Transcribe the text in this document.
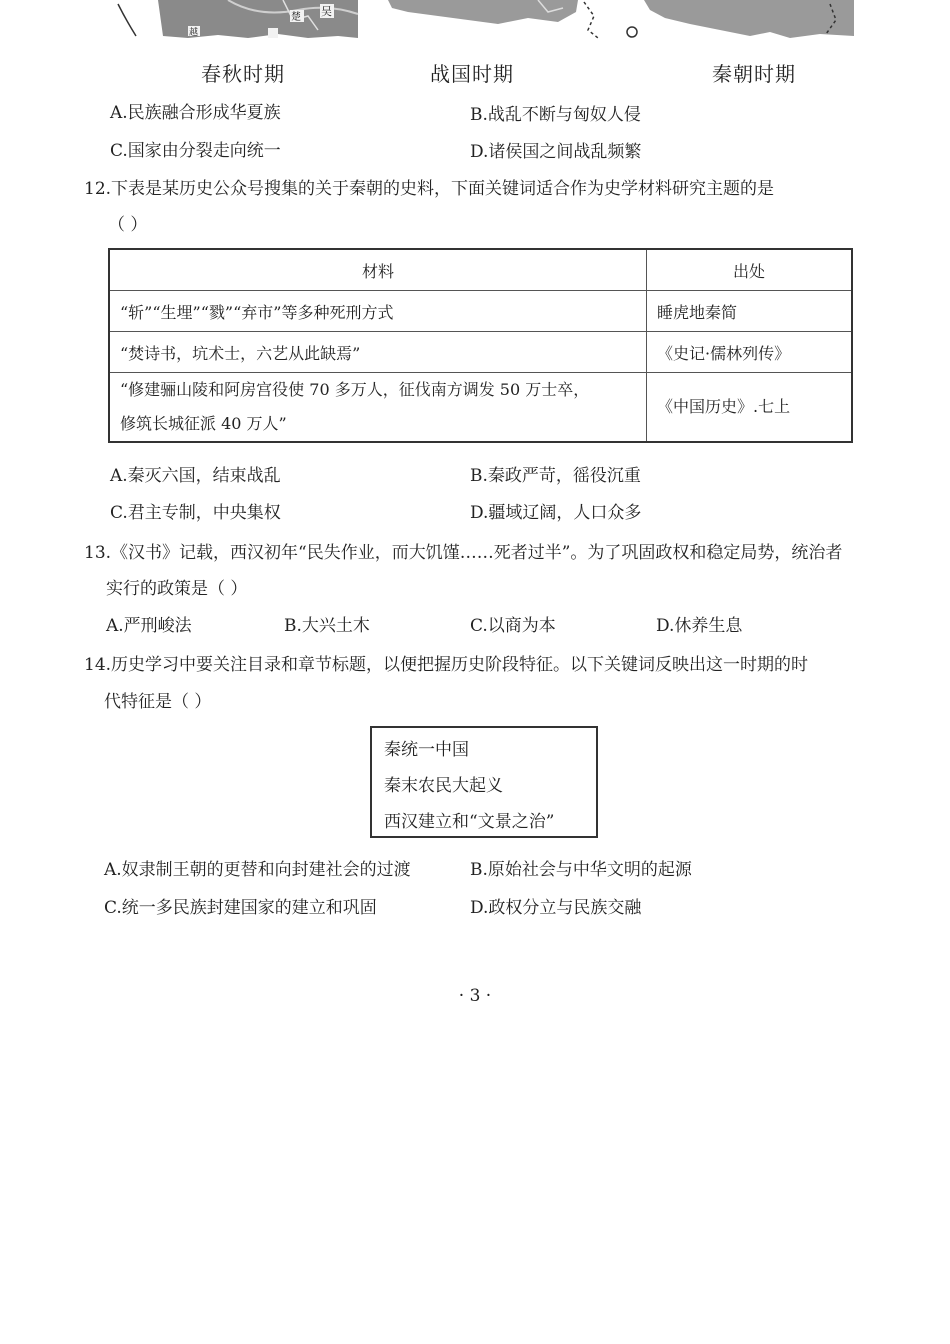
楚 吴
越
春秋时期	战国时期	秦朝时期
A.民族融合形成华夏族	B.战乱不断与匈奴人侵
C.国家由分裂走向统一	D.诸侯国之间战乱频繁
12.下表是某历史公众号搜集的关于秦朝的史料，下面关键词适合作为史学材料研究主题的是
（ ）
材料	出处
“斩”“生埋”“戮”“弃市”等多种死刑方式	睡虎地秦简
“焚诗书，坑术士，六艺从此缺焉”	《史记·儒林列传》

“修建骊山陵和阿房宫役使 70 多万人，征伐南方调发 50 万士卒，
修筑长城征派 40 万人”	《中国历史》.七上
A.秦灭六国，结束战乱	B.秦政严苛，徭役沉重
C.君主专制，中央集权	D.疆域辽阔，人口众多
13.《汉书》记载，西汉初年“民失作业，而大饥馑……死者过半”。为了巩固政权和稳定局势，统治者
实行的政策是（ ）
A.严刑峻法	B.大兴土木	C.以商为本	D.休养生息
14.历史学习中要关注目录和章节标题，以便把握历史阶段特征。以下关键词反映出这一时期的时
代特征是（ ）
秦统一中国
秦末农民大起义
西汉建立和“文景之治”
A.奴隶制王朝的更替和向封建社会的过渡	B.原始社会与中华文明的起源
C.统一多民族封建国家的建立和巩固	D.政权分立与民族交融
· 3 ·
